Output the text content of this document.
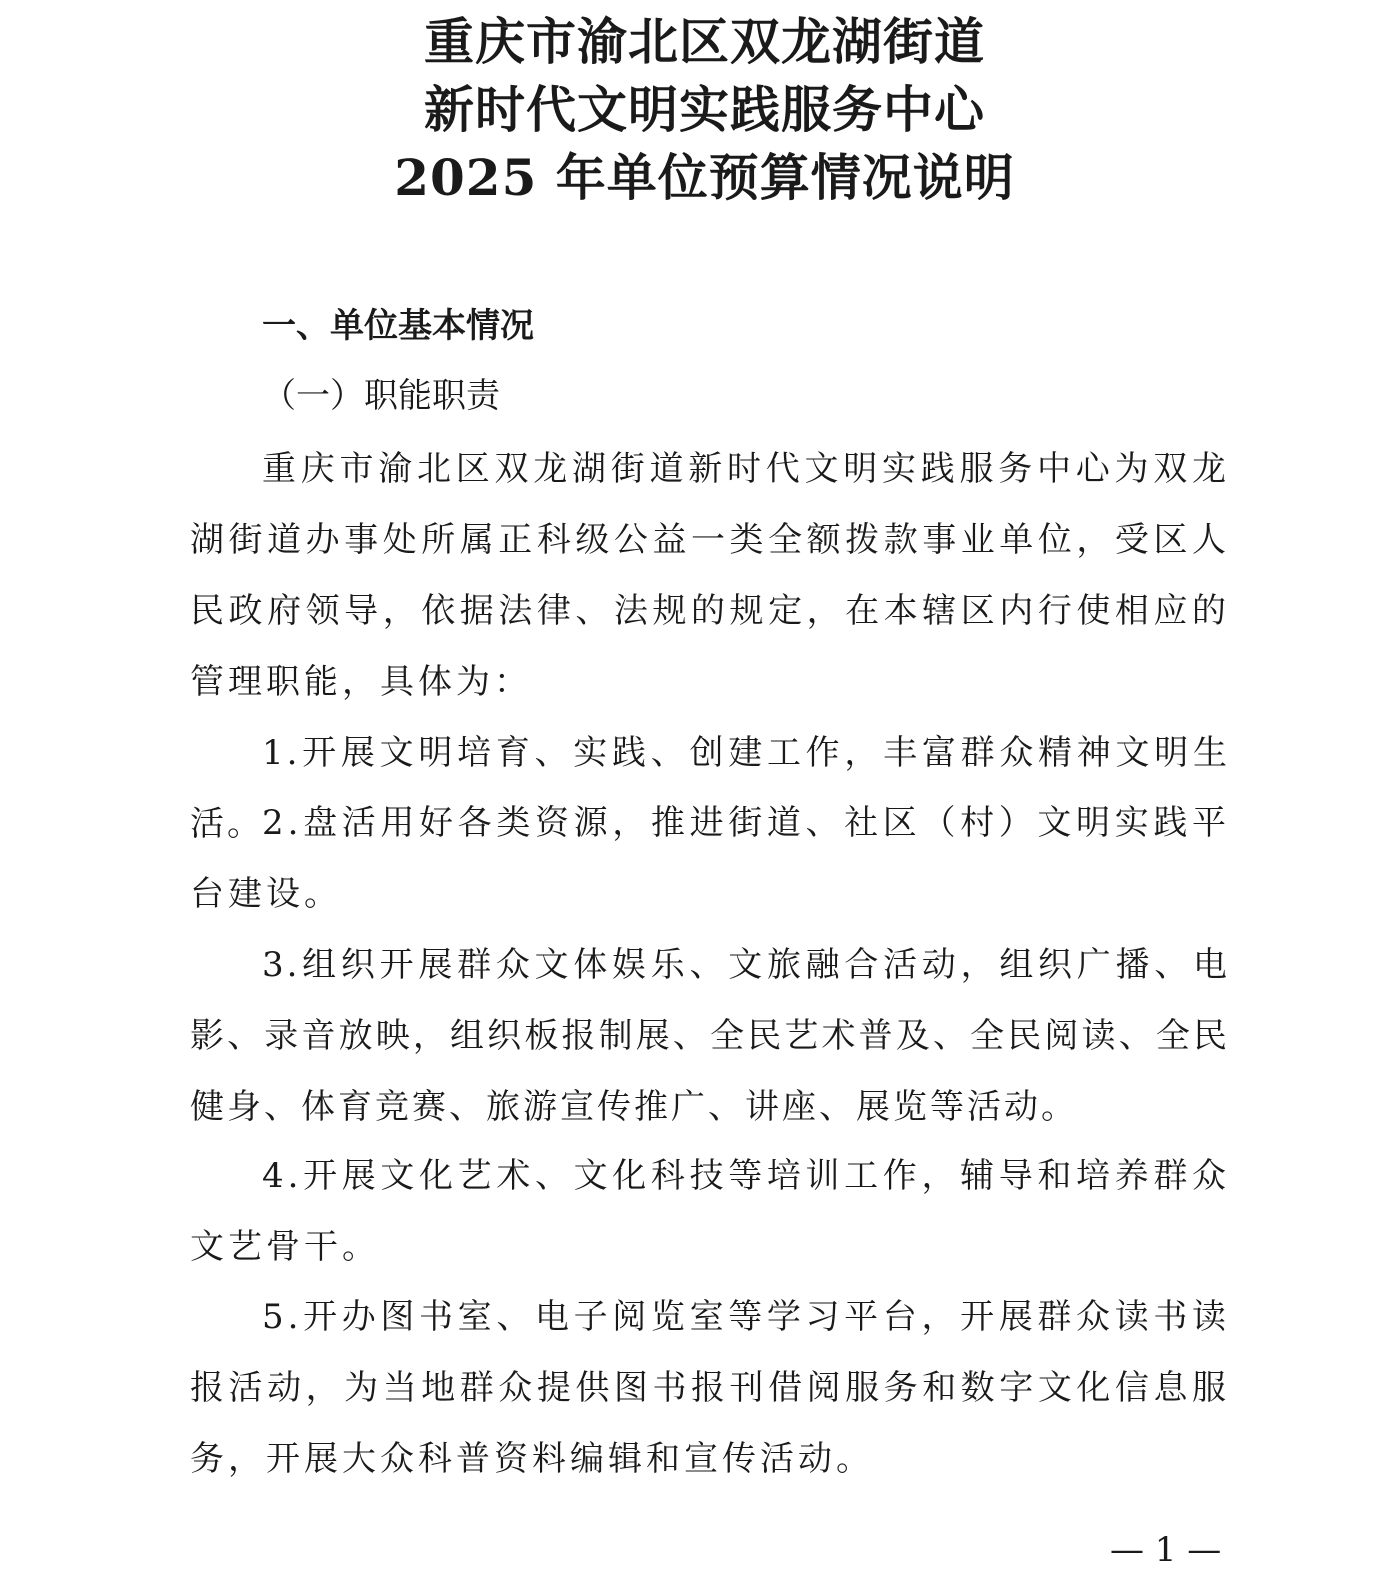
重庆市渝北区双龙湖街道
新时代文明实践服务中心
2025 年单位预算情况说明
一、单位基本情况
（一）职能职责

重庆市渝北区双龙湖街道新时代文明实践服务中心为双龙湖街道办事处所属正科级公益一类全额拨款事业单位，受区人民政府领导，依据法律、法规的规定，在本辖区内行使相应的管理职能，具体为：

1.开展文明培育、实践、创建工作，丰富群众精神文明生活。

2.盘活用好各类资源，推进街道、社区（村）文明实践平台建设。

3.组织开展群众文体娱乐、文旅融合活动，组织广播、电影、录音放映，组织板报制展、全民艺术普及、全民阅读、全民健身、体育竞赛、旅游宣传推广、讲座、展览等活动。

4.开展文化艺术、文化科技等培训工作，辅导和培养群众文艺骨干。

5.开办图书室、电子阅览室等学习平台，开展群众读书读报活动，为当地群众提供图书报刊借阅服务和数字文化信息服务，开展大众科普资料编辑和宣传活动。

— 1 —
